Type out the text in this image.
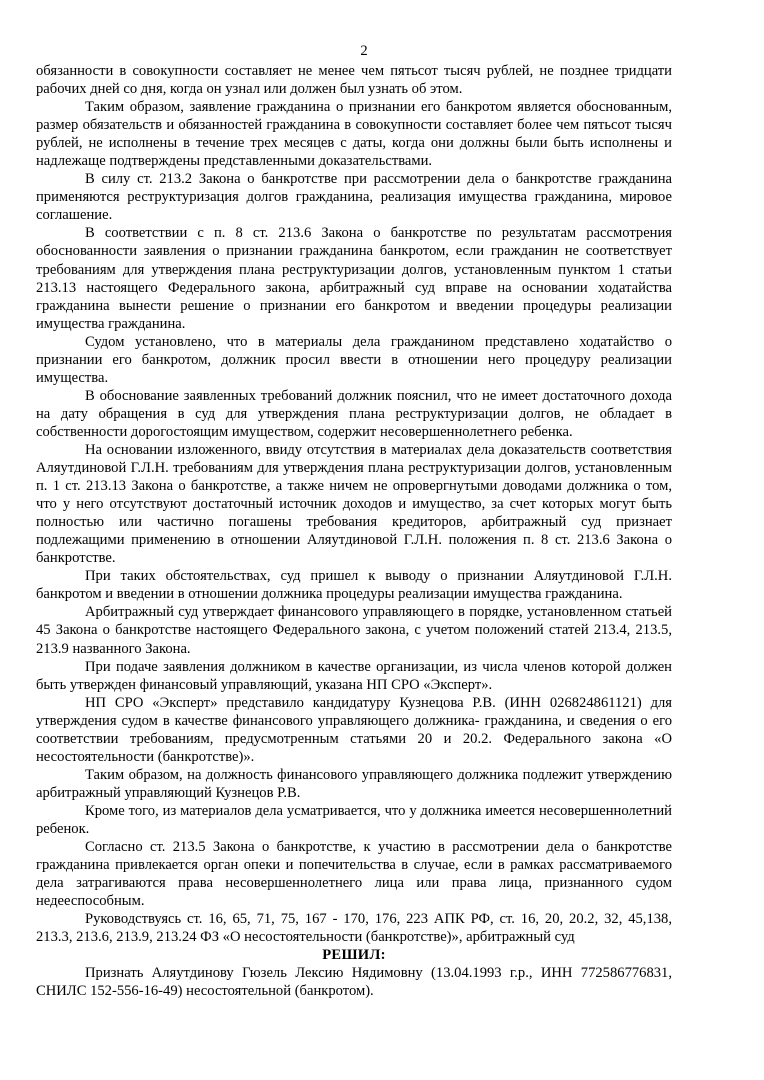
2

обязанности в совокупности составляет не менее чем пятьсот тысяч рублей, не позднее тридцати рабочих дней со дня, когда он узнал или должен был узнать об этом.

Таким образом, заявление гражданина о признании его банкротом является обоснованным, размер обязательств и обязанностей гражданина в совокупности составляет более чем пятьсот тысяч рублей, не исполнены в течение трех месяцев с даты, когда они должны были быть исполнены и надлежаще подтверждены представленными доказательствами.

В силу ст. 213.2 Закона о банкротстве при рассмотрении дела о банкротстве гражданина применяются реструктуризация долгов гражданина, реализация имущества гражданина, мировое соглашение.

В соответствии с п. 8 ст. 213.6 Закона о банкротстве по результатам рассмотрения обоснованности заявления о признании гражданина банкротом, если гражданин не соответствует требованиям для утверждения плана реструктуризации долгов, установленным пунктом 1 статьи 213.13 настоящего Федерального закона, арбитражный суд вправе на основании ходатайства гражданина вынести решение о признании его банкротом и введении процедуры реализации имущества гражданина.

Судом установлено, что в материалы дела гражданином представлено ходатайство о признании его банкротом, должник просил ввести в отношении него процедуру реализации имущества.

В обоснование заявленных требований должник пояснил, что не имеет достаточного дохода на дату обращения в суд для утверждения плана реструктуризации долгов, не обладает в собственности дорогостоящим имуществом, содержит несовершеннолетнего ребенка.

На основании изложенного, ввиду отсутствия в материалах дела доказательств соответствия Аляутдиновой Г.Л.Н. требованиям для утверждения плана реструктуризации долгов, установленным п. 1 ст. 213.13 Закона о банкротстве, а также ничем не опровергнутыми доводами должника о том, что у него отсутствуют достаточный источник доходов и имущество, за счет которых могут быть полностью или частично погашены требования кредиторов, арбитражный суд признает подлежащими применению в отношении Аляутдиновой Г.Л.Н. положения п. 8 ст. 213.6 Закона о банкротстве.

При таких обстоятельствах, суд пришел к выводу о признании Аляутдиновой Г.Л.Н. банкротом и введении в отношении должника процедуры реализации имущества гражданина.

Арбитражный суд утверждает финансового управляющего в порядке, установленном статьей 45 Закона о банкротстве настоящего Федерального закона, с учетом положений статей 213.4, 213.5, 213.9 названного Закона.

При подаче заявления должником в качестве организации, из числа членов которой должен быть утвержден финансовый управляющий, указана НП СРО «Эксперт».

НП СРО «Эксперт» представило кандидатуру Кузнецова Р.В. (ИНН 026824861121) для утверждения судом в качестве финансового управляющего должника- гражданина, и сведения о его соответствии требованиям, предусмотренным статьями 20 и 20.2. Федерального закона «О несостоятельности (банкротстве)».

Таким образом, на должность финансового управляющего должника подлежит утверждению арбитражный управляющий Кузнецов Р.В.

Кроме того, из материалов дела усматривается, что у должника имеется несовершеннолетний ребенок.

Согласно ст. 213.5 Закона о банкротстве, к участию в рассмотрении дела о банкротстве гражданина привлекается орган опеки и попечительства в случае, если в рамках рассматриваемого дела затрагиваются права несовершеннолетнего лица или права лица, признанного судом недееспособным.

Руководствуясь ст. 16, 65, 71, 75, 167 - 170, 176, 223 АПК РФ, ст. 16, 20, 20.2, 32, 45,138, 213.3, 213.6, 213.9, 213.24 ФЗ «О несостоятельности (банкротстве)», арбитражный суд

РЕШИЛ:

Признать Аляутдинову Гюзель Лексию Нядимовну (13.04.1993 г.р., ИНН 772586776831, СНИЛС 152-556-16-49) несостоятельной (банкротом).
